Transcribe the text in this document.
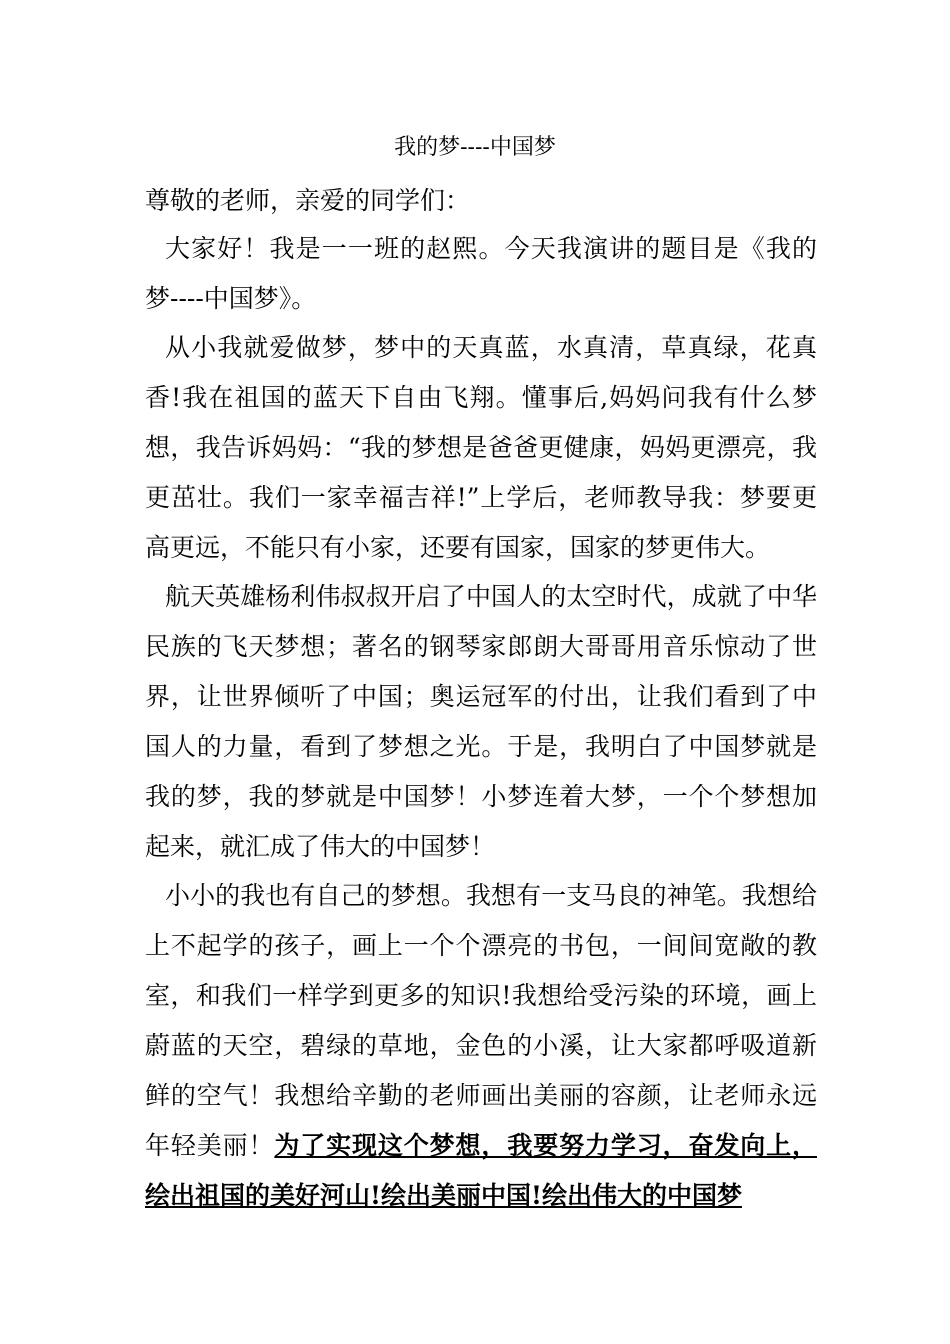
我的梦----中国梦

尊敬的老师，亲爱的同学们：

大家好！我是一一班的赵熙。今天我演讲的题目是《我的梦----中国梦》。

从小我就爱做梦，梦中的天真蓝，水真清，草真绿，花真香!我在祖国的蓝天下自由飞翔。懂事后,妈妈问我有什么梦想，我告诉妈妈：“我的梦想是爸爸更健康，妈妈更漂亮，我更茁壮。我们一家幸福吉祥!”上学后，老师教导我：梦要更高更远，不能只有小家，还要有国家，国家的梦更伟大。

航天英雄杨利伟叔叔开启了中国人的太空时代，成就了中华民族的飞天梦想；著名的钢琴家郎朗大哥哥用音乐惊动了世界，让世界倾听了中国；奥运冠军的付出，让我们看到了中国人的力量，看到了梦想之光。于是，我明白了中国梦就是我的梦，我的梦就是中国梦！小梦连着大梦，一个个梦想加起来，就汇成了伟大的中国梦！

小小的我也有自己的梦想。我想有一支马良的神笔。我想给上不起学的孩子，画上一个个漂亮的书包，一间间宽敞的教室，和我们一样学到更多的知识!我想给受污染的环境，画上蔚蓝的天空，碧绿的草地，金色的小溪，让大家都呼吸道新鲜的空气！我想给辛勤的老师画出美丽的容颜，让老师永远年轻美丽！为了实现这个梦想，我要努力学习，奋发向上，绘出祖国的美好河山!绘出美丽中国!绘出伟大的中国梦
